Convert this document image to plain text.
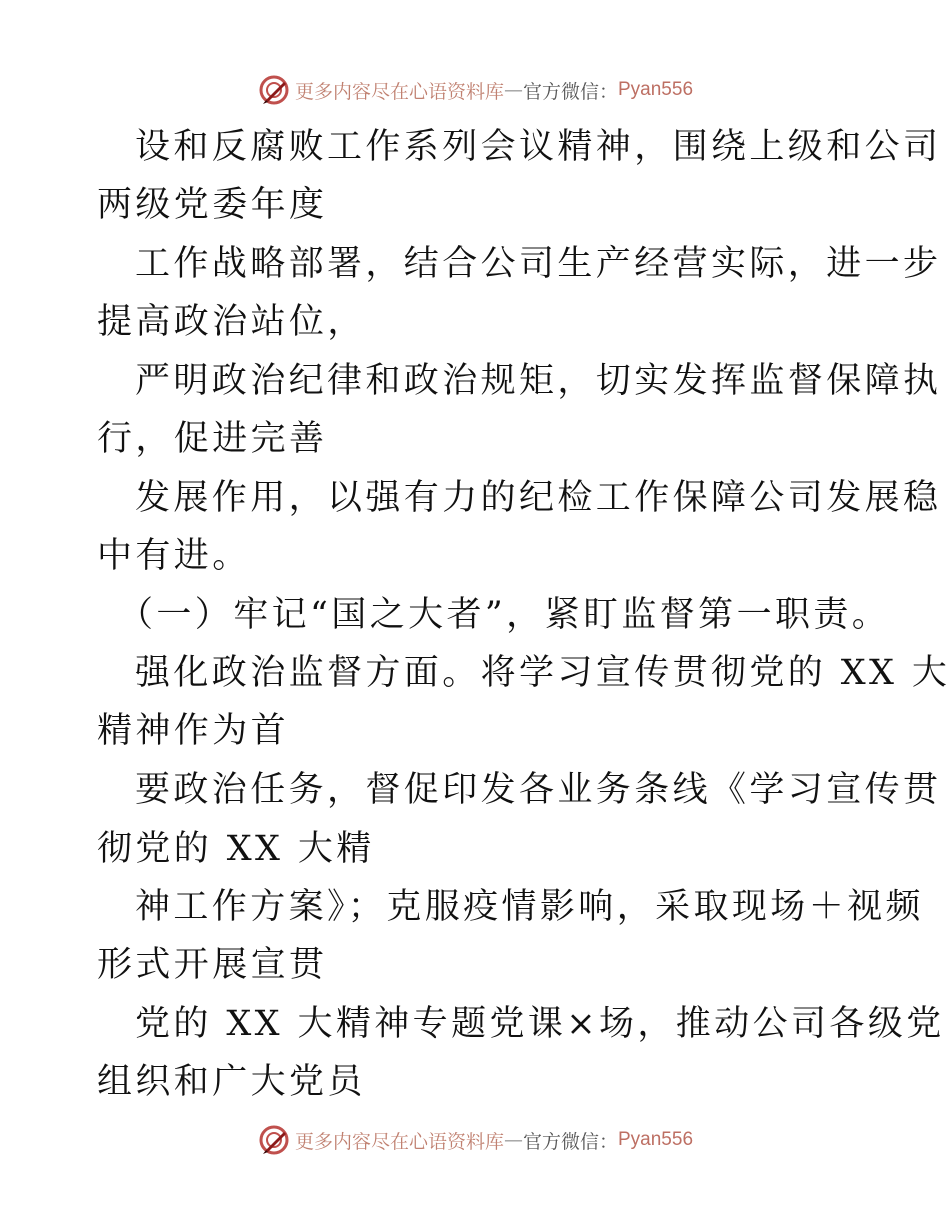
更多内容尽在心语资料库 — 官方微信： Pyan556
设和反腐败工作系列会议精神，围绕上级和公司
两级党委年度
工作战略部署，结合公司生产经营实际，进一步
提高政治站位，
严明政治纪律和政治规矩，切实发挥监督保障执
行，促进完善
发展作用，以强有力的纪检工作保障公司发展稳
中有进。
（一）牢记“国之大者”，紧盯监督第一职责。
强化政治监督方面。将学习宣传贯彻党的 XX 大
精神作为首
要政治任务，督促印发各业务条线《学习宣传贯
彻党的 XX 大精
神工作方案》；克服疫情影响，采取现场＋视频
形式开展宣贯
党的 XX 大精神专题党课×场，推动公司各级党
组织和广大党员
更多内容尽在心语资料库 — 官方微信： Pyan556
